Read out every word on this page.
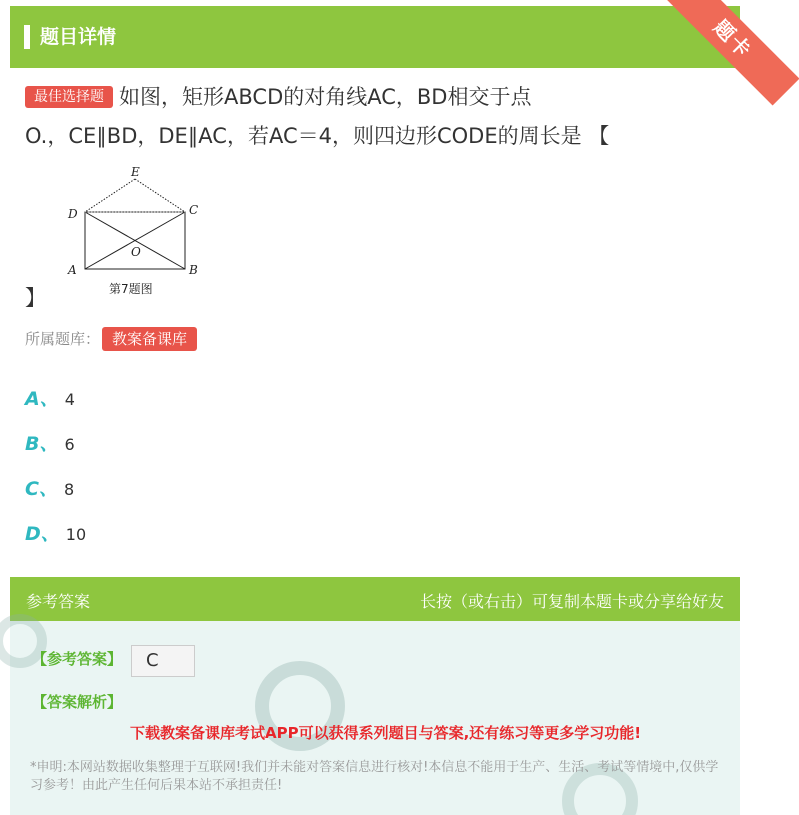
题目详情	题卡
最佳选择题 如图，矩形ABCD的对角线AC，BD相交于点
O.，CE∥BD，DE∥AC，若AC＝4，则四边形CODE的周长是 【
E
D	C
O
A	B
第7题图
】
所属题库： 教案备课库
A、 4
B、 6
C、 8
D、 10
参考答案	长按（或右击）可复制本题卡或分享给好友
【参考答案】 C
【答案解析】
下载教案备课库考试APP可以获得系列题目与答案,还有练习等更多学习功能!
*申明:本网站数据收集整理于互联网!我们并未能对答案信息进行核对!本信息不能用于生产、生活、考试等情境中,仅供学习参考！由此产生任何后果本站不承担责任!
